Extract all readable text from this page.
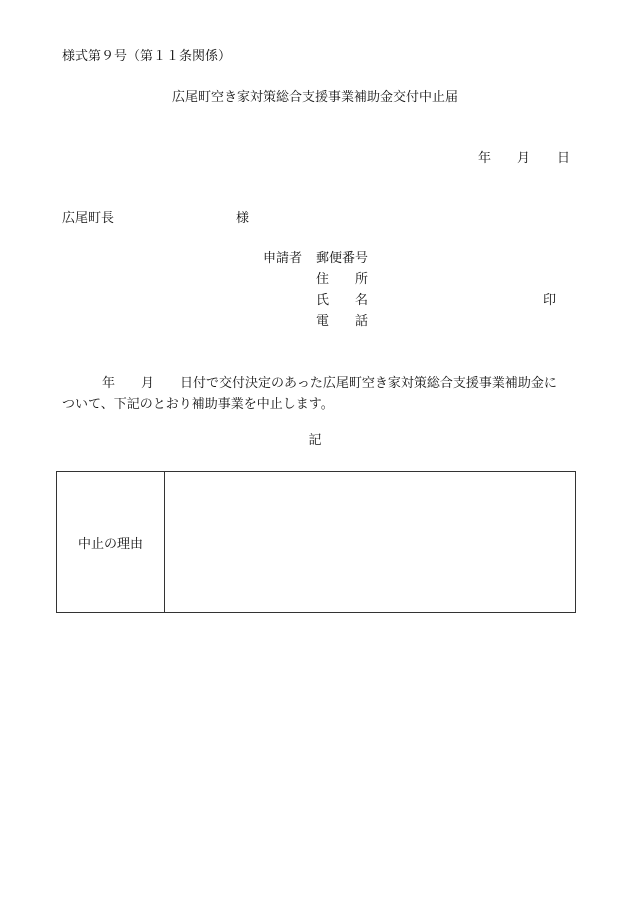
様式第９号（第１１条関係）
広尾町空き家対策総合支援事業補助金交付中止届
年 月 日
広尾町長	様
申請者 郵便番号
住　　所
氏　　名
電　　話
印
年　　月　　日付で交付決定のあった広尾町空き家対策総合支援事業補助金に
ついて、下記のとおり補助事業を中止します。
記
中止の理由
